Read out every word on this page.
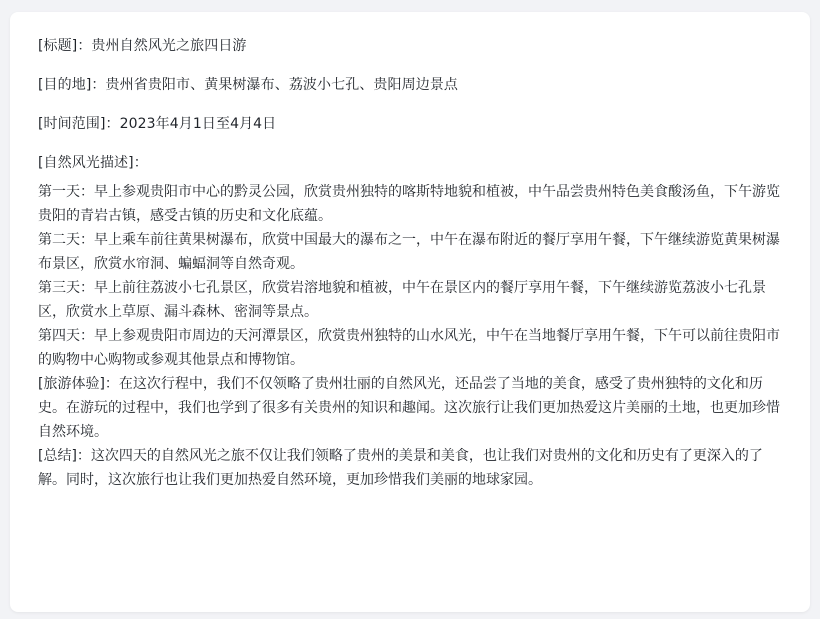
[标题]：贵州自然风光之旅四日游

[目的地]：贵州省贵阳市、黄果树瀑布、荔波小七孔、贵阳周边景点

[时间范围]：2023年4月1日至4月4日

[自然风光描述]：

第一天：早上参观贵阳市中心的黔灵公园，欣赏贵州独特的喀斯特地貌和植被，中午品尝贵州特色美食酸汤鱼，下午游览贵阳的青岩古镇，感受古镇的历史和文化底蕴。

第二天：早上乘车前往黄果树瀑布，欣赏中国最大的瀑布之一，中午在瀑布附近的餐厅享用午餐，下午继续游览黄果树瀑布景区，欣赏水帘洞、蝙蝠洞等自然奇观。

第三天：早上前往荔波小七孔景区，欣赏岩溶地貌和植被，中午在景区内的餐厅享用午餐，下午继续游览荔波小七孔景区，欣赏水上草原、漏斗森林、密洞等景点。

第四天：早上参观贵阳市周边的天河潭景区，欣赏贵州独特的山水风光，中午在当地餐厅享用午餐，下午可以前往贵阳市的购物中心购物或参观其他景点和博物馆。

[旅游体验]：在这次行程中，我们不仅领略了贵州壮丽的自然风光，还品尝了当地的美食，感受了贵州独特的文化和历史。在游玩的过程中，我们也学到了很多有关贵州的知识和趣闻。这次旅行让我们更加热爱这片美丽的土地，也更加珍惜自然环境。

[总结]：这次四天的自然风光之旅不仅让我们领略了贵州的美景和美食，也让我们对贵州的文化和历史有了更深入的了解。同时，这次旅行也让我们更加热爱自然环境，更加珍惜我们美丽的地球家园。
